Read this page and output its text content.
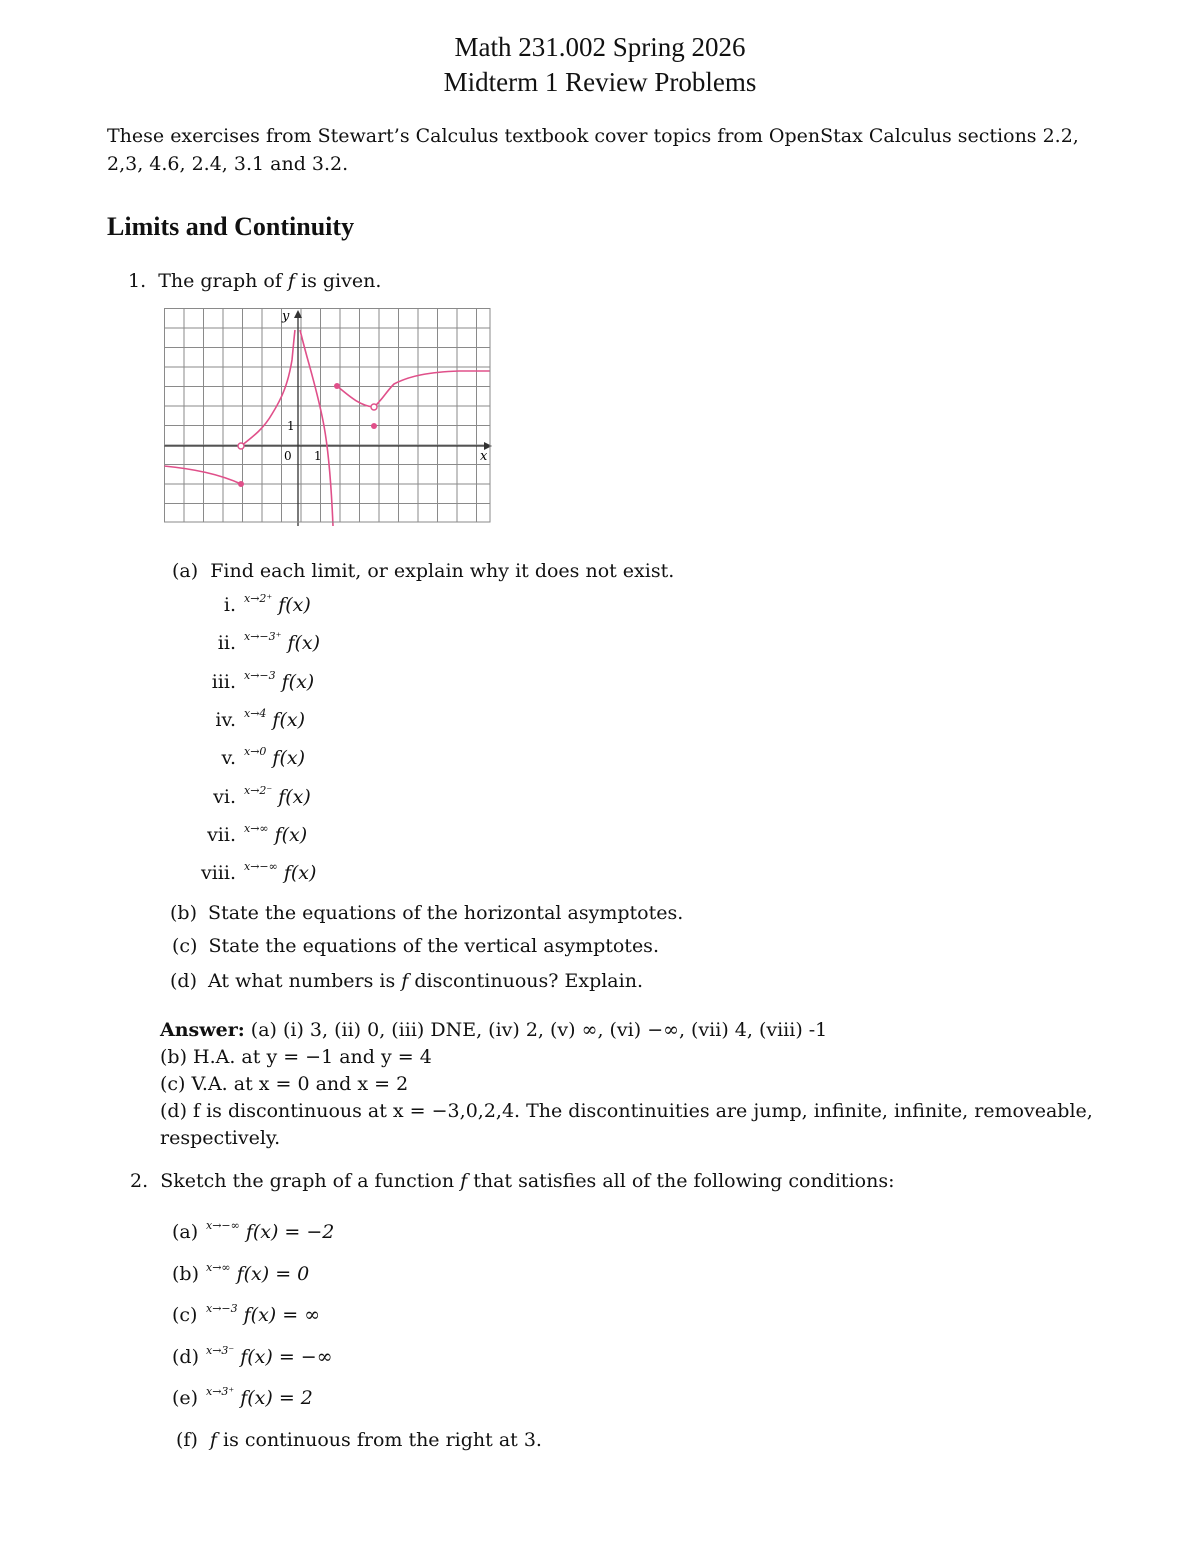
Math 231.002 Spring 2026
Midterm 1 Review Problems
These exercises from Stewart’s Calculus textbook cover topics from OpenStax Calculus sections 2.2, 2,3, 4.6, 2.4, 3.1 and 3.2.
Limits and Continuity
1. The graph of f is given.
y
x
0 1
1
(a) Find each limit, or explain why it does not exist.
i. x→2⁺ f(x)
ii. x→−3⁺ f(x)
iii. x→−3 f(x)
iv. x→4 f(x)
v. x→0 f(x)
vi. x→2⁻ f(x)
vii. x→∞ f(x)
viii. x→−∞ f(x)
(b) State the equations of the horizontal asymptotes.
(c) State the equations of the vertical asymptotes.
(d) At what numbers is f discontinuous? Explain.
Answer: (a) (i) 3, (ii) 0, (iii) DNE, (iv) 2, (v) ∞, (vi) −∞, (vii) 4, (viii) -1
(b) H.A. at y = −1 and y = 4
(c) V.A. at x = 0 and x = 2
(d) f is discontinuous at x = −3,0,2,4. The discontinuities are jump, infinite, infinite, removeable, respectively.
2. Sketch the graph of a function f that satisfies all of the following conditions:
(a) x→−∞ f(x) = −2
(b) x→∞ f(x) = 0
(c) x→−3 f(x) = ∞
(d) x→3⁻ f(x) = −∞
(e) x→3⁺ f(x) = 2
(f) f is continuous from the right at 3.
